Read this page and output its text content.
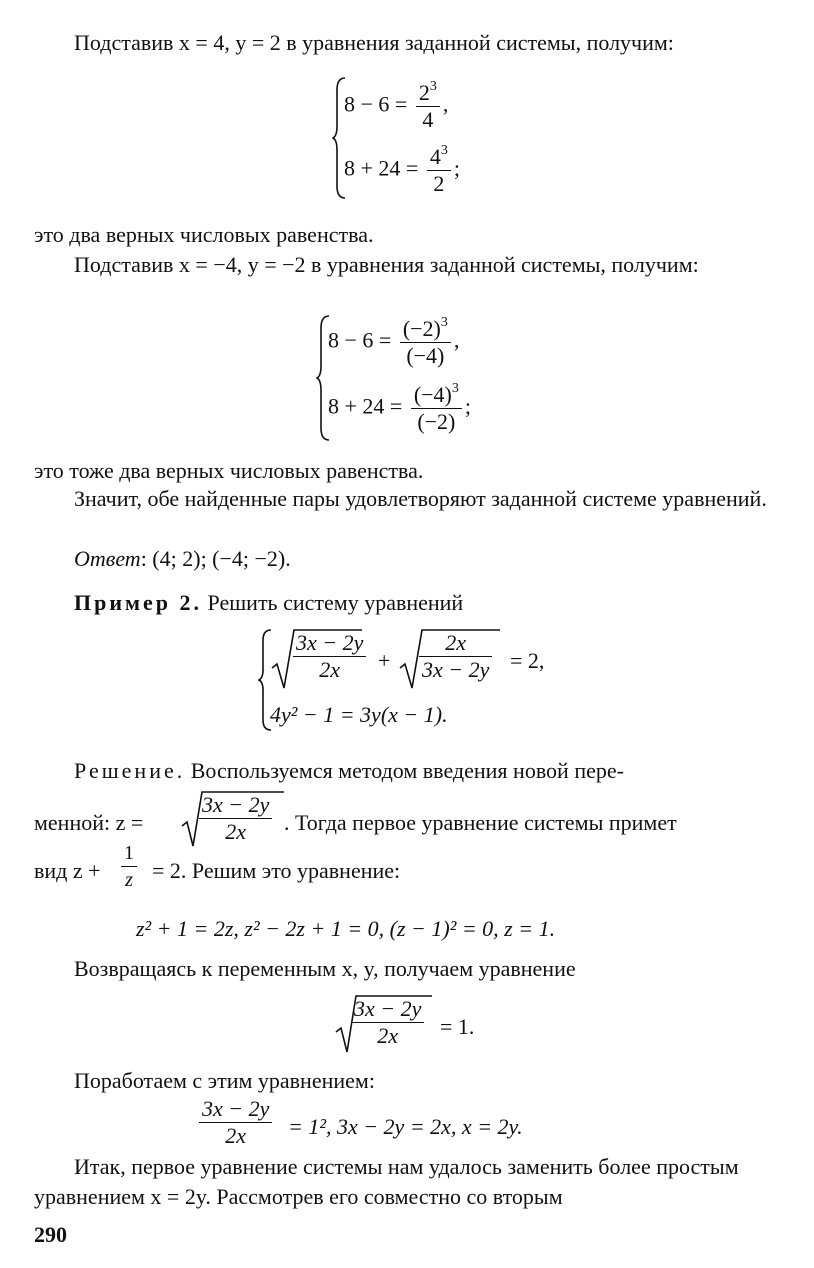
Подставив x = 4, y = 2 в уравнения заданной системы, получим:
$8 - 6 = \frac{2^3}{4}$ ,
$8 + 24 = \frac{4^3}{2}$ ;
это два верных числовых равенства.
Подставив x = −4, y = −2 в уравнения заданной системы, получим:
$8 - 6 = \frac{(-2)^3}{(-4)}$ ,
$8 + 24 = \frac{(-4)^3}{(-2)}$ ;
это тоже два верных числовых равенства.
Значит, обе найденные пары удовлетворяют заданной системе уравнений.
Ответ: (4; 2); (−4; −2).
Пример 2. Решить систему уравнений
$\frac{3x - 2y}{2x} + \frac{2x}{3x - 2y} = 2$,
4y² − 1 = 3y(x − 1).
Решение. Воспользуемся методом введения новой пере-
менной: z =	$\frac{3x - 2y}{2x}$ . Тогда первое уравнение системы примет
вид $z + \frac{1}{z} = 2$. Решим это уравнение:
z² + 1 = 2z, z² − 2z + 1 = 0, (z − 1)² = 0, z = 1.
Возвращаясь к переменным x, y, получаем уравнение
$\frac{3x - 2y}{2x} = 1$.
Поработаем с этим уравнением:
$\frac{3x - 2y}{2x} = 1^2$, 3x − 2y = 2x, x = 2y.
Итак, первое уравнение системы нам удалось заменить более простым уравнением x = 2y. Рассмотрев его совместно со вторым
290
